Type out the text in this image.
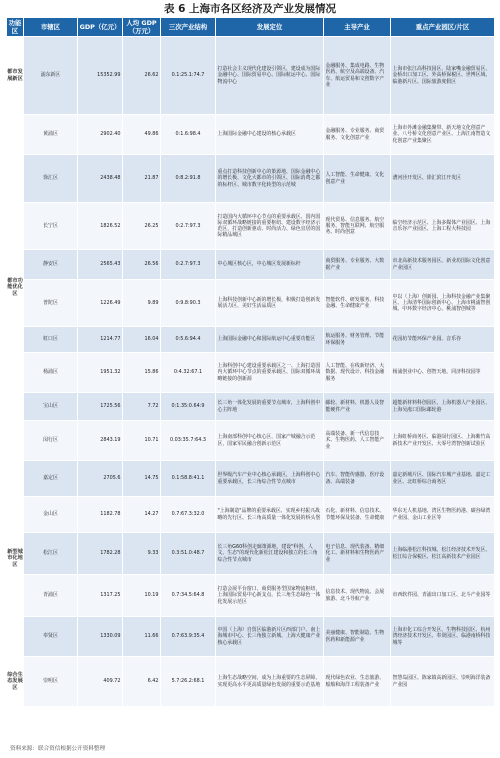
表 6 上海市各区经济及产业发展情况
功能区	市辖区	GDP（亿元）	人均 GDP（万元）	三次产业结构	发展定位	主导产业	重点产业园区/片区
都市发展新区	浦东新区	15352.99	26.62	0.1:25.1:74.7	打造社会主义现代化建设引领区，建设成为国际金融中心、国际贸易中心、国际航运中心、国际物流中心	金融服务、集成电路、生物医药、航空及高端设备、汽车、航运贸易和文创数字产业	上海市张江高科技园区、陆家嘴金融贸易区、金桥出口加工区、外高桥保税区、世博区域、临港新片区、国际旅游度假区
都市功能优化区	黄浦区	2902.40	49.86	0:1.6:98.4	上海国际金融中心建设的核心承载区	金融服务、专业服务、商贸服务、文化创意产业	上海市外滩金融集聚带、新天地文化创意产业、八号桥文化创意产业区、上海江南智造文化创意产业集聚区
	徐汇区	2438.48	21.87	0:8.2:91.8	重点打造科技创新中心的策源地、国际金融中心的增长极、文化大都市的引领区、国际消费之都的标杆区、城市数字化转型的示范城	人工智能、生命健康、文化创意产业	漕河泾开发区、徐汇滨江开发区
	长宁区	1826.52	26.25	0:2.7:97.3	打造国内大循环中心节点的重要承载区、国内国际双循环战略链接的重要枢纽、建设数字经济示范区，打造创新驱动、时尚活力、绿色宜居的国际精品城区	现代贸易、信息服务、航空服务、智能互联网、航空服务、时尚创意	临空经济示范区、上海多媒体产业园区、上海音乐谷产业园区、上海工程大科技园
	静安区	2565.43	26.56	0:2.7:97.3	中心城区核心区，中心城区发展新标杆	商贸服务、专业服务、大数据产业	市北高新技术服务园区、新业坊国际文化创意产业园区
	普陀区	1226.49	9.89	0:9.8:90.3	上海科技创新中心新的增长极，积极打造创新发展活力区，美好生活品质区	智能软件、研发服务、科技金融、生命健康产业	中以（上海）创新园、上海科技金融产业集聚区、上海清华国际创新中心、上海市桃浦智创城、中环数字经济中心、桃浦智创城等
	虹口区	1214.77	16.04	0:5.6:94.4	上海国际金融中心和国际航运中心重要功能区	航运服务、财务管理、节能环保服务	花园坊节能环保产业园、音乐谷
	杨浦区	1951.32	15.86	0:4.32:67.1	上海科创中心建设重要承载区之一、上海打造国内大循环中心节点的重要承载区、国际双循环战略链接的创新源	人工智能、在线新经济、大数据、现代设计、科技金融服务	杨浦创业中心、创智天地、同济科技园等
	宝山区	1725.56	7.72	0:1.35:0.64:9	长三角一体化发展的重要节点城市，上海科创中心主阵地	邮轮、新材料、机器人及智能硬件产业	超能新材料科创园区、上海机器人产业园区、上海吴淞口国际邮轮港
	闵行区	2843.19	10.71	0.03:35.7:64.3	上海南部科创中心核心区，国家产城融合示范区，国家军民融合创新示范区	高端装备、新一代信息技术、生物医药、人工智能产业	上海虹桥商务区、临港闵行园区、上海紫竹高新技术产业开发区、大零号湾智创新试验区
新型城市化地区	嘉定区	2705.6	14.75	0.1:58.8:41.1	世界级汽车产业中心核心承载区，上海科创中心重要承载区，长三角综合性节点城市	汽车、智能传感器、医疗设备、高端装备	嘉定新城片区、国际汽车城产业基地、嘉定工业区、北虹桥综合商务区
	金山区	1182.78	14.27	0.7:67.3:32.0	"上海制造"品牌的重要承载区、实现乡村振兴战略的先行区、长三角高质量一体化发展的桥头堡	石化、新材料、信息技术、节能环保及装备、生命健康	华东无人机基地、湾区生物医药港、碳谷绿湾产业园、金山工业区等
	松江区	1782.28	9.33	0.3:51.0:48.7	长三角G60科创走廊策源地，建设"科创、人文、生态"的现代化新松江建设和独立的长三角综合性节点城市	电子信息、现代装备、精细化工、新材料和生物医药产业	上海临港松江科技城、松江经济技术开发区、松江综合保税区、松江高新技术产业园区
	青浦区	1317.25	10.19	0.7:34.5:64.8	打造会展平台窗口、商贸服务型国家物流枢纽，上海国际贸易中心新支点，长三角生态绿色一体化发展示范区	信息技术、现代物流、会展旅游、北斗导航产业	市西软件园、青浦出口加工区、北斗产业园等
	奉贤区	1330.09	11.66	0.7:63.9:35.4	中国（上海）自贸区临港新片区西部门户、南上海城市中心、长三角独立新城、上海大健康产业核心承载区	美丽健康、智能制造、生物医药和新能源产业	上海市化工综合开发区、生物科技园区、杭州湾经济技术开发区、奉贤园区、临港南桥科技城等
综合生态发展区	崇明区	409.72	6.42	5.7:26.2:68.1	上海生态战略空间，成为上海重要的生态屏障，实现更高水平更高质量绿色发展的重要示范基地	现代绿色农业、生态旅游、船舶和海洋工程装备产业	智慧岛园区、陈家镇高新园区、崇明海洋装备产业园
资料来源：联合资信根据公开资料整理
